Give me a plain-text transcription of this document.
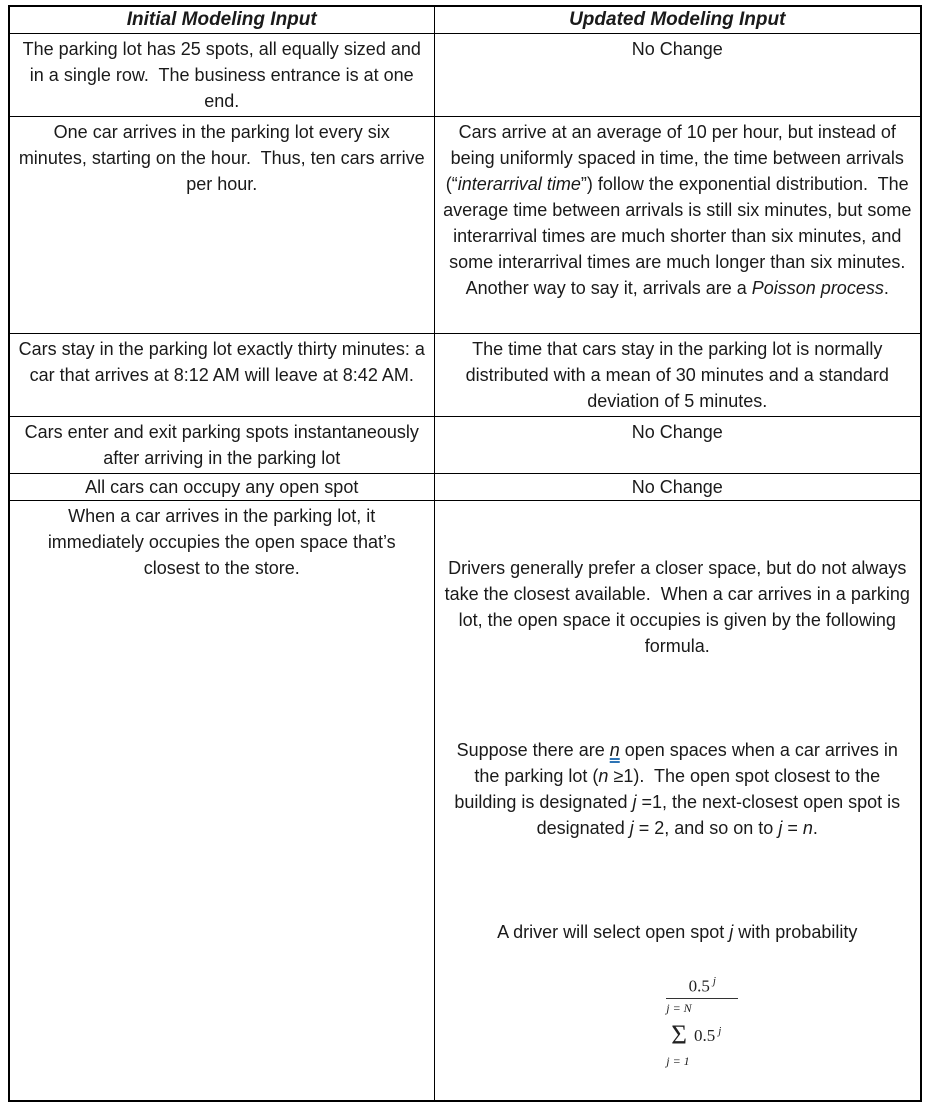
Initial Modeling Input	Updated Modeling Input
The parking lot has 25 spots, all equally sized and in a single row.  The business entrance is at one end.	No Change
One car arrives in the parking lot every six minutes, starting on the hour.  Thus, ten cars arrive per hour.	Cars arrive at an average of 10 per hour, but instead of being uniformly spaced in time, the time between arrivals (“interarrival time”) follow the exponential distribution.  The average time between arrivals is still six minutes, but some interarrival times are much shorter than six minutes, and some interarrival times are much longer than six minutes.  Another way to say it, arrivals are a Poisson process.
Cars stay in the parking lot exactly thirty minutes: a car that arrives at 8:12 AM will leave at 8:42 AM.	The time that cars stay in the parking lot is normally distributed with a mean of 30 minutes and a standard deviation of 5 minutes.
Cars enter and exit parking spots instantaneously after arriving in the parking lot	No Change
All cars can occupy any open spot	No Change
When a car arrives in the parking lot, it immediately occupies the open space that’s closest to the store.	Drivers generally prefer a closer space, but do not always take the closest available.  When a car arrives in a parking lot, the open space it occupies is given by the following formula.

Suppose there are n open spaces when a car arrives in the parking lot (n ≥1).  The open spot closest to the building is designated j =1, the next-closest open spot is designated j = 2, and so on to j = n.

A driver will select open spot j with probability

0.5 $^j$
j = N
Σ 0.5 $^j$
j = 1
